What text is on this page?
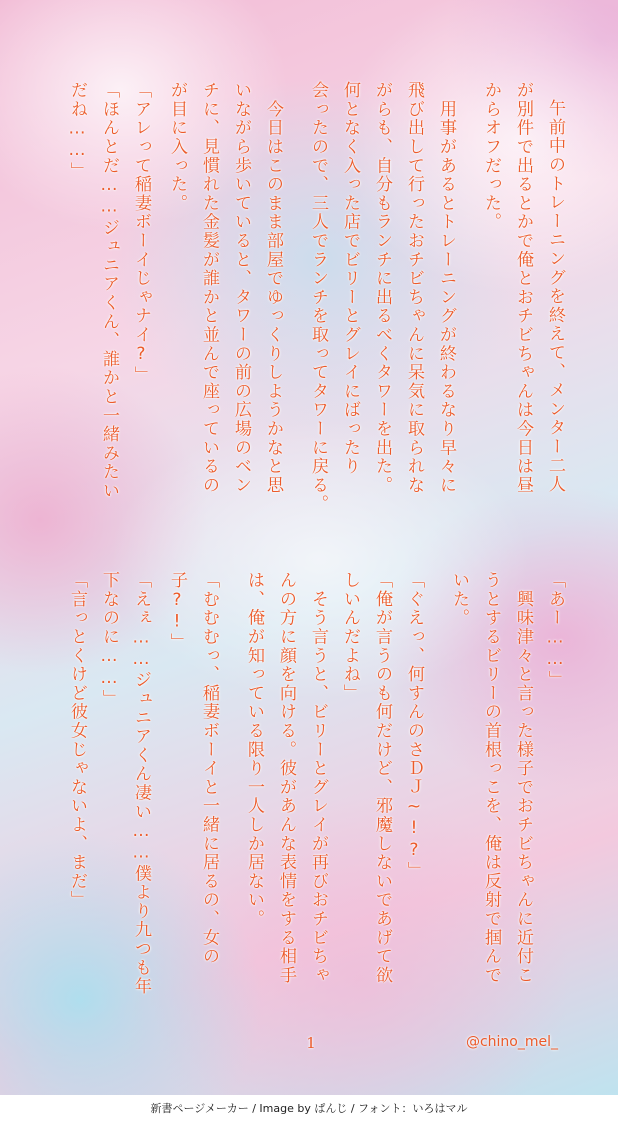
午前中のトレーニングを終えて、メンター二人
が別件で出るとかで俺とおチビちゃんは今日は昼
からオフだった。
　用事があるとトレーニングが終わるなり早々に
飛び出して行ったおチビちゃんに呆気に取られな
がらも、自分もランチに出るべくタワーを出た。
何となく入った店でビリーとグレイにばったり
会ったので、三人でランチを取ってタワーに戻る。
　今日はこのまま部屋でゆっくりしようかなと思
いながら歩いていると、タワーの前の広場のベン
チに、見慣れた金髪が誰かと並んで座っているの
が目に入った。
「アレって稲妻ボーイじゃナイ?」
「ほんとだ……ジュニアくん、誰かと一緒みたい
だね……」
「あー……」
　興味津々と言った様子でおチビちゃんに近付こ
うとするビリーの首根っこを、俺は反射で掴んで
いた。
「ぐえっ、何すんのさＤＪ~!?」
「俺が言うのも何だけど、邪魔しないであげて欲
しいんだよね」
　そう言うと、ビリーとグレイが再びおチビちゃ
んの方に顔を向ける。彼があんな表情をする相手
は、俺が知っている限り一人しか居ない。
「むむむっ、稲妻ボーイと一緒に居るの、女の
子?!」
「えぇ……ジュニアくん凄い……僕より九つも年
下なのに……」
「言っとくけど彼女じゃないよ、まだ」
1	@chino_mel_
新書ページメーカー / Image by ぱんじ / フォント：いろはマル
